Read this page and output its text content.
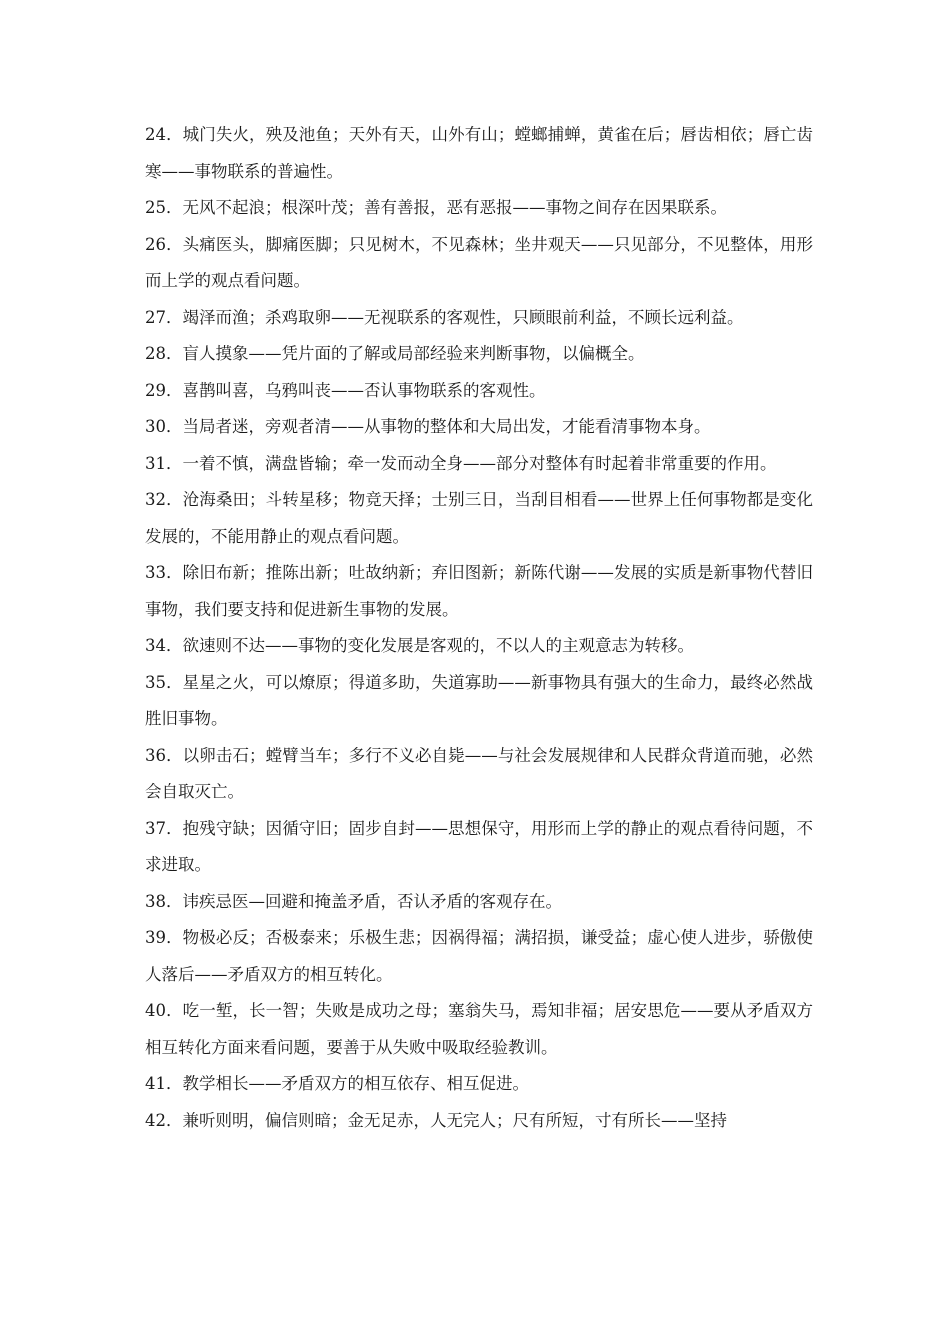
24．城门失火，殃及池鱼；天外有天，山外有山；螳螂捕蝉，黄雀在后；唇齿相依；唇亡齿寒——事物联系的普遍性。

25．无风不起浪；根深叶茂；善有善报，恶有恶报——事物之间存在因果联系。

26．头痛医头，脚痛医脚；只见树木，不见森林；坐井观天——只见部分，不见整体，用形而上学的观点看问题。

27．竭泽而渔；杀鸡取卵——无视联系的客观性，只顾眼前利益，不顾长远利益。

28．盲人摸象——凭片面的了解或局部经验来判断事物，以偏概全。

29．喜鹊叫喜，乌鸦叫丧——否认事物联系的客观性。

30．当局者迷，旁观者清——从事物的整体和大局出发，才能看清事物本身。

31．一着不慎，满盘皆输；牵一发而动全身——部分对整体有时起着非常重要的作用。

32．沧海桑田；斗转星移；物竞天择；士别三日，当刮目相看——世界上任何事物都是变化发展的，不能用静止的观点看问题。

33．除旧布新；推陈出新；吐故纳新；弃旧图新；新陈代谢——发展的实质是新事物代替旧事物，我们要支持和促进新生事物的发展。

34．欲速则不达——事物的变化发展是客观的，不以人的主观意志为转移。

35．星星之火，可以燎原；得道多助，失道寡助——新事物具有强大的生命力，最终必然战胜旧事物。

36．以卵击石；螳臂当车；多行不义必自毙——与社会发展规律和人民群众背道而驰，必然会自取灭亡。

37．抱残守缺；因循守旧；固步自封——思想保守，用形而上学的静止的观点看待问题，不求进取。

38．讳疾忌医—回避和掩盖矛盾，否认矛盾的客观存在。

39．物极必反；否极泰来；乐极生悲；因祸得福；满招损，谦受益；虚心使人进步，骄傲使人落后——矛盾双方的相互转化。

40．吃一堑，长一智；失败是成功之母；塞翁失马，焉知非福；居安思危——要从矛盾双方相互转化方面来看问题，要善于从失败中吸取经验教训。

41．教学相长——矛盾双方的相互依存、相互促进。

42．兼听则明，偏信则暗；金无足赤，人无完人；尺有所短，寸有所长——坚持
